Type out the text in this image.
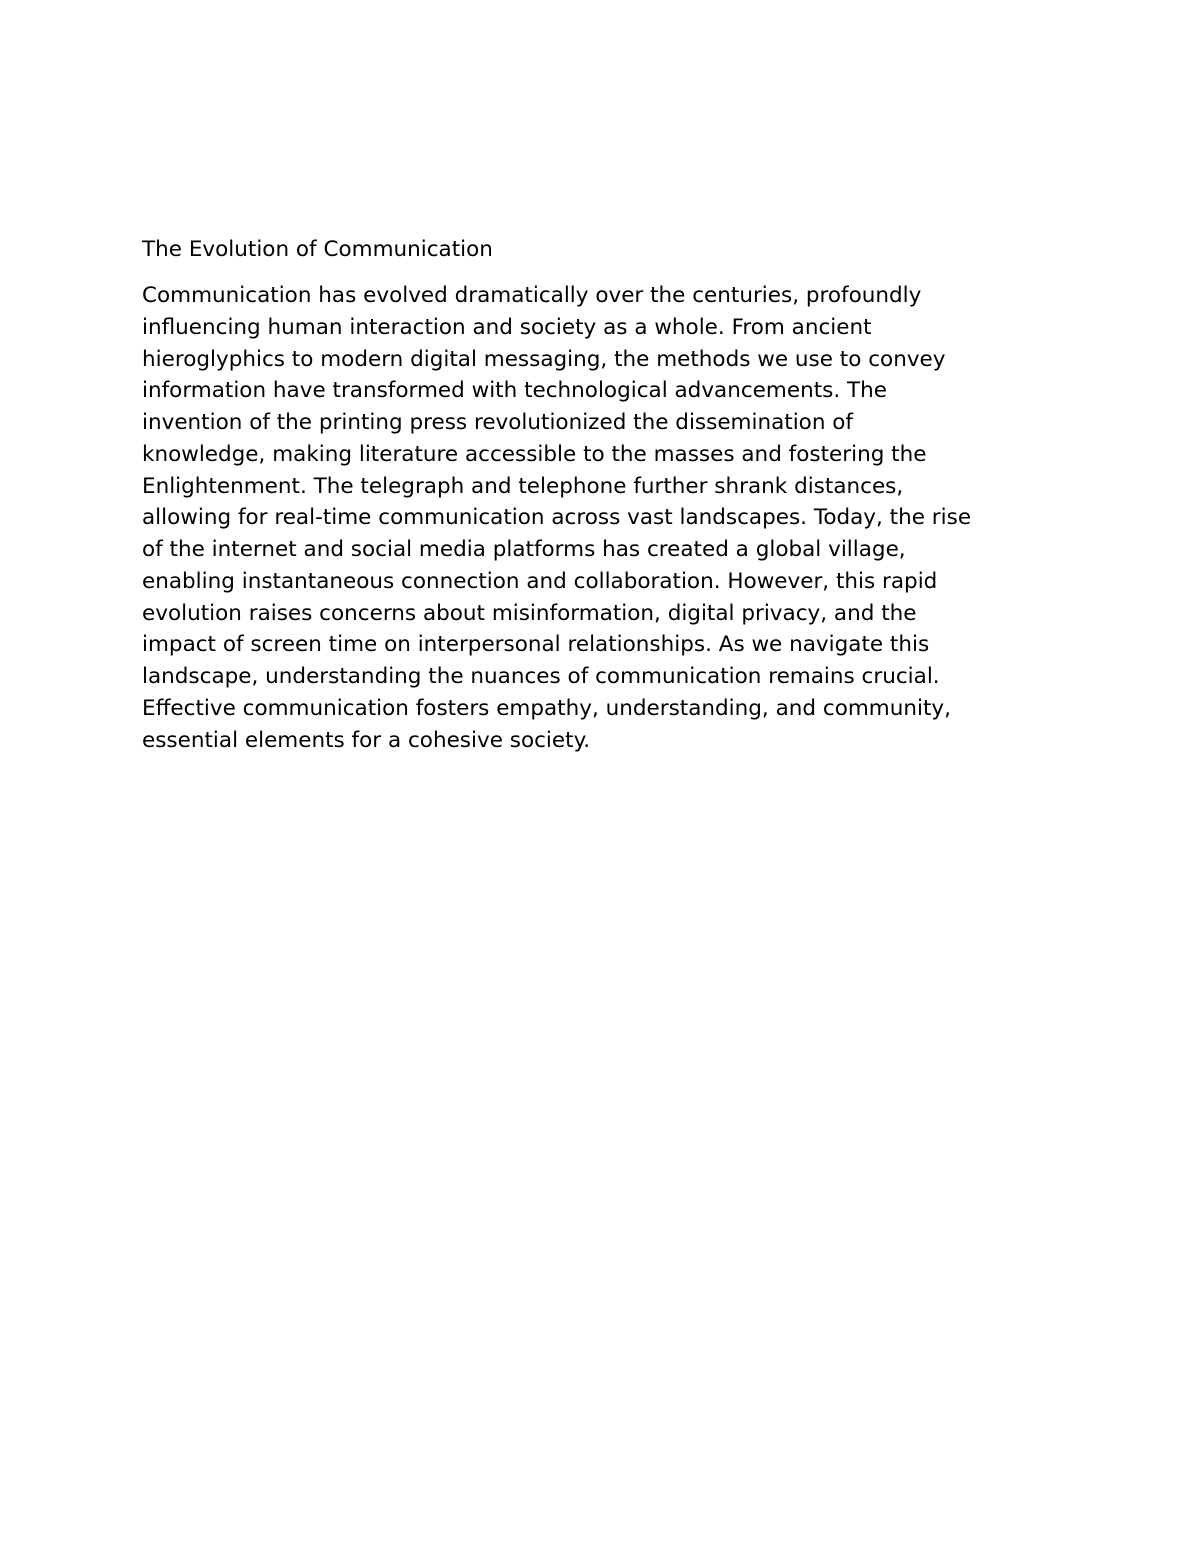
The Evolution of Communication

Communication has evolved dramatically over the centuries, profoundly
influencing human interaction and society as a whole. From ancient
hieroglyphics to modern digital messaging, the methods we use to convey
information have transformed with technological advancements. The
invention of the printing press revolutionized the dissemination of
knowledge, making literature accessible to the masses and fostering the
Enlightenment. The telegraph and telephone further shrank distances,
allowing for real-time communication across vast landscapes. Today, the rise
of the internet and social media platforms has created a global village,
enabling instantaneous connection and collaboration. However, this rapid
evolution raises concerns about misinformation, digital privacy, and the
impact of screen time on interpersonal relationships. As we navigate this
landscape, understanding the nuances of communication remains crucial.
Effective communication fosters empathy, understanding, and community,
essential elements for a cohesive society.
